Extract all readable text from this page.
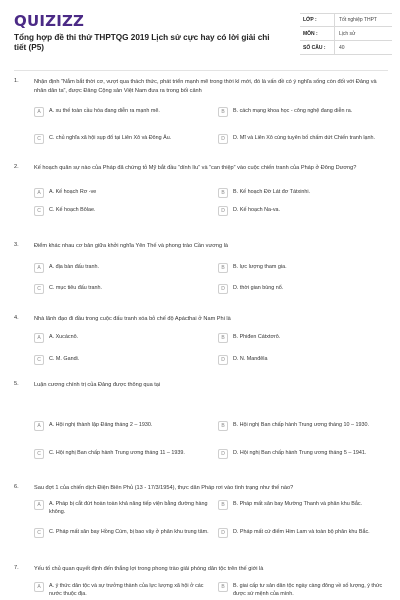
QUIZIZZ
Tổng hợp đề thi thử THPTQG 2019 Lịch sử cực hay có lời giải chi tiết (P5)
LỚP :	Tốt nghiệp THPT
MÔN :	Lịch sử
SỐ CÂU :	40
1.	Nhận định “Nắm bắt thời cơ, vượt qua thách thức, phát triển mạnh mẽ trong thời kì mới, đó là vấn đề có ý nghĩa sống còn đối với Đảng và nhân dân ta”, được Đảng Cộng sản Việt Nam đưa ra trong bối cảnh
A	A. xu thế toàn cầu hóa đang diễn ra mạnh mẽ.	B	B. cách mạng khoa học - công nghệ đang diễn ra.
C	C. chủ nghĩa xã hội sụp đổ tại Liên Xô và Đông Âu.	D	D. Mĩ và Liên Xô cùng tuyên bố chấm dứt Chiến tranh lạnh.
2.	Kế hoạch quân sự nào của Pháp đã chứng tỏ Mỹ bắt đầu “dính líu” và “can thiệp” vào cuộc chiến tranh của Pháp ở Đông Dương?
A	A. Kế hoạch Rơ -ve	B	B. Kế hoạch Đờ Lát đơ Tátxinhi.
C	C. Kế hoạch Bôlae.	D	D. Kế hoạch Na-va.
3.	Điểm khác nhau cơ bản giữa khởi nghĩa Yên Thế và phong trào Cần vương là
A	A. địa bàn đấu tranh.	B	B. lực lượng tham gia.
C	C. mục tiêu đấu tranh.	D	D. thời gian bùng nổ.
4.	Nhà lãnh đạo đi đầu trong cuộc đấu tranh xóa bỏ chế độ Apácthai ở Nam Phi là
A	A. Xucácnô.	B	B. Phiđen Cátxtơrô.
C	C. M. Gandi.	D	D. N. Manđêla
5.	Luận cương chính trị của Đảng được thông qua tại
A	A. Hội nghị thành lập Đảng tháng 2 – 1930.	B	B. Hội nghị Ban chấp hành Trung ương tháng 10 – 1930.
C	C. Hội nghị Ban chấp hành Trung ương tháng 11 – 1939.	D	D. Hội nghị Ban chấp hành Trung ương tháng 5 – 1941.
6.	Sau đợt 1 của chiến dịch Điện Biên Phủ (13 - 17/3/1954), thực dân Pháp rơi vào tình trạng như thế nào?
A	A. Pháp bị cắt đứt hoàn toàn khả năng tiếp viện bằng đường hàng không.
B	B. Pháp mất sân bay Mường Thanh và phân khu Bắc.
C	C. Pháp mất sân bay Hồng Cúm, bị bao vây ở phân khu trung tâm.	D	D. Pháp mất cứ điểm Him Lam và toàn bộ phân khu Bắc.
7.	Yếu tố chủ quan quyết định đến thắng lợi trong phong trào giải phóng dân tộc trên thế giới là
A	A. ý thức dân tộc và sự trưởng thành của lực lượng xã hội ở các nước thuộc địa.
B	B. giai cấp tư sản dân tộc ngày càng đông về số lượng, ý thức được sứ mệnh của mình.
